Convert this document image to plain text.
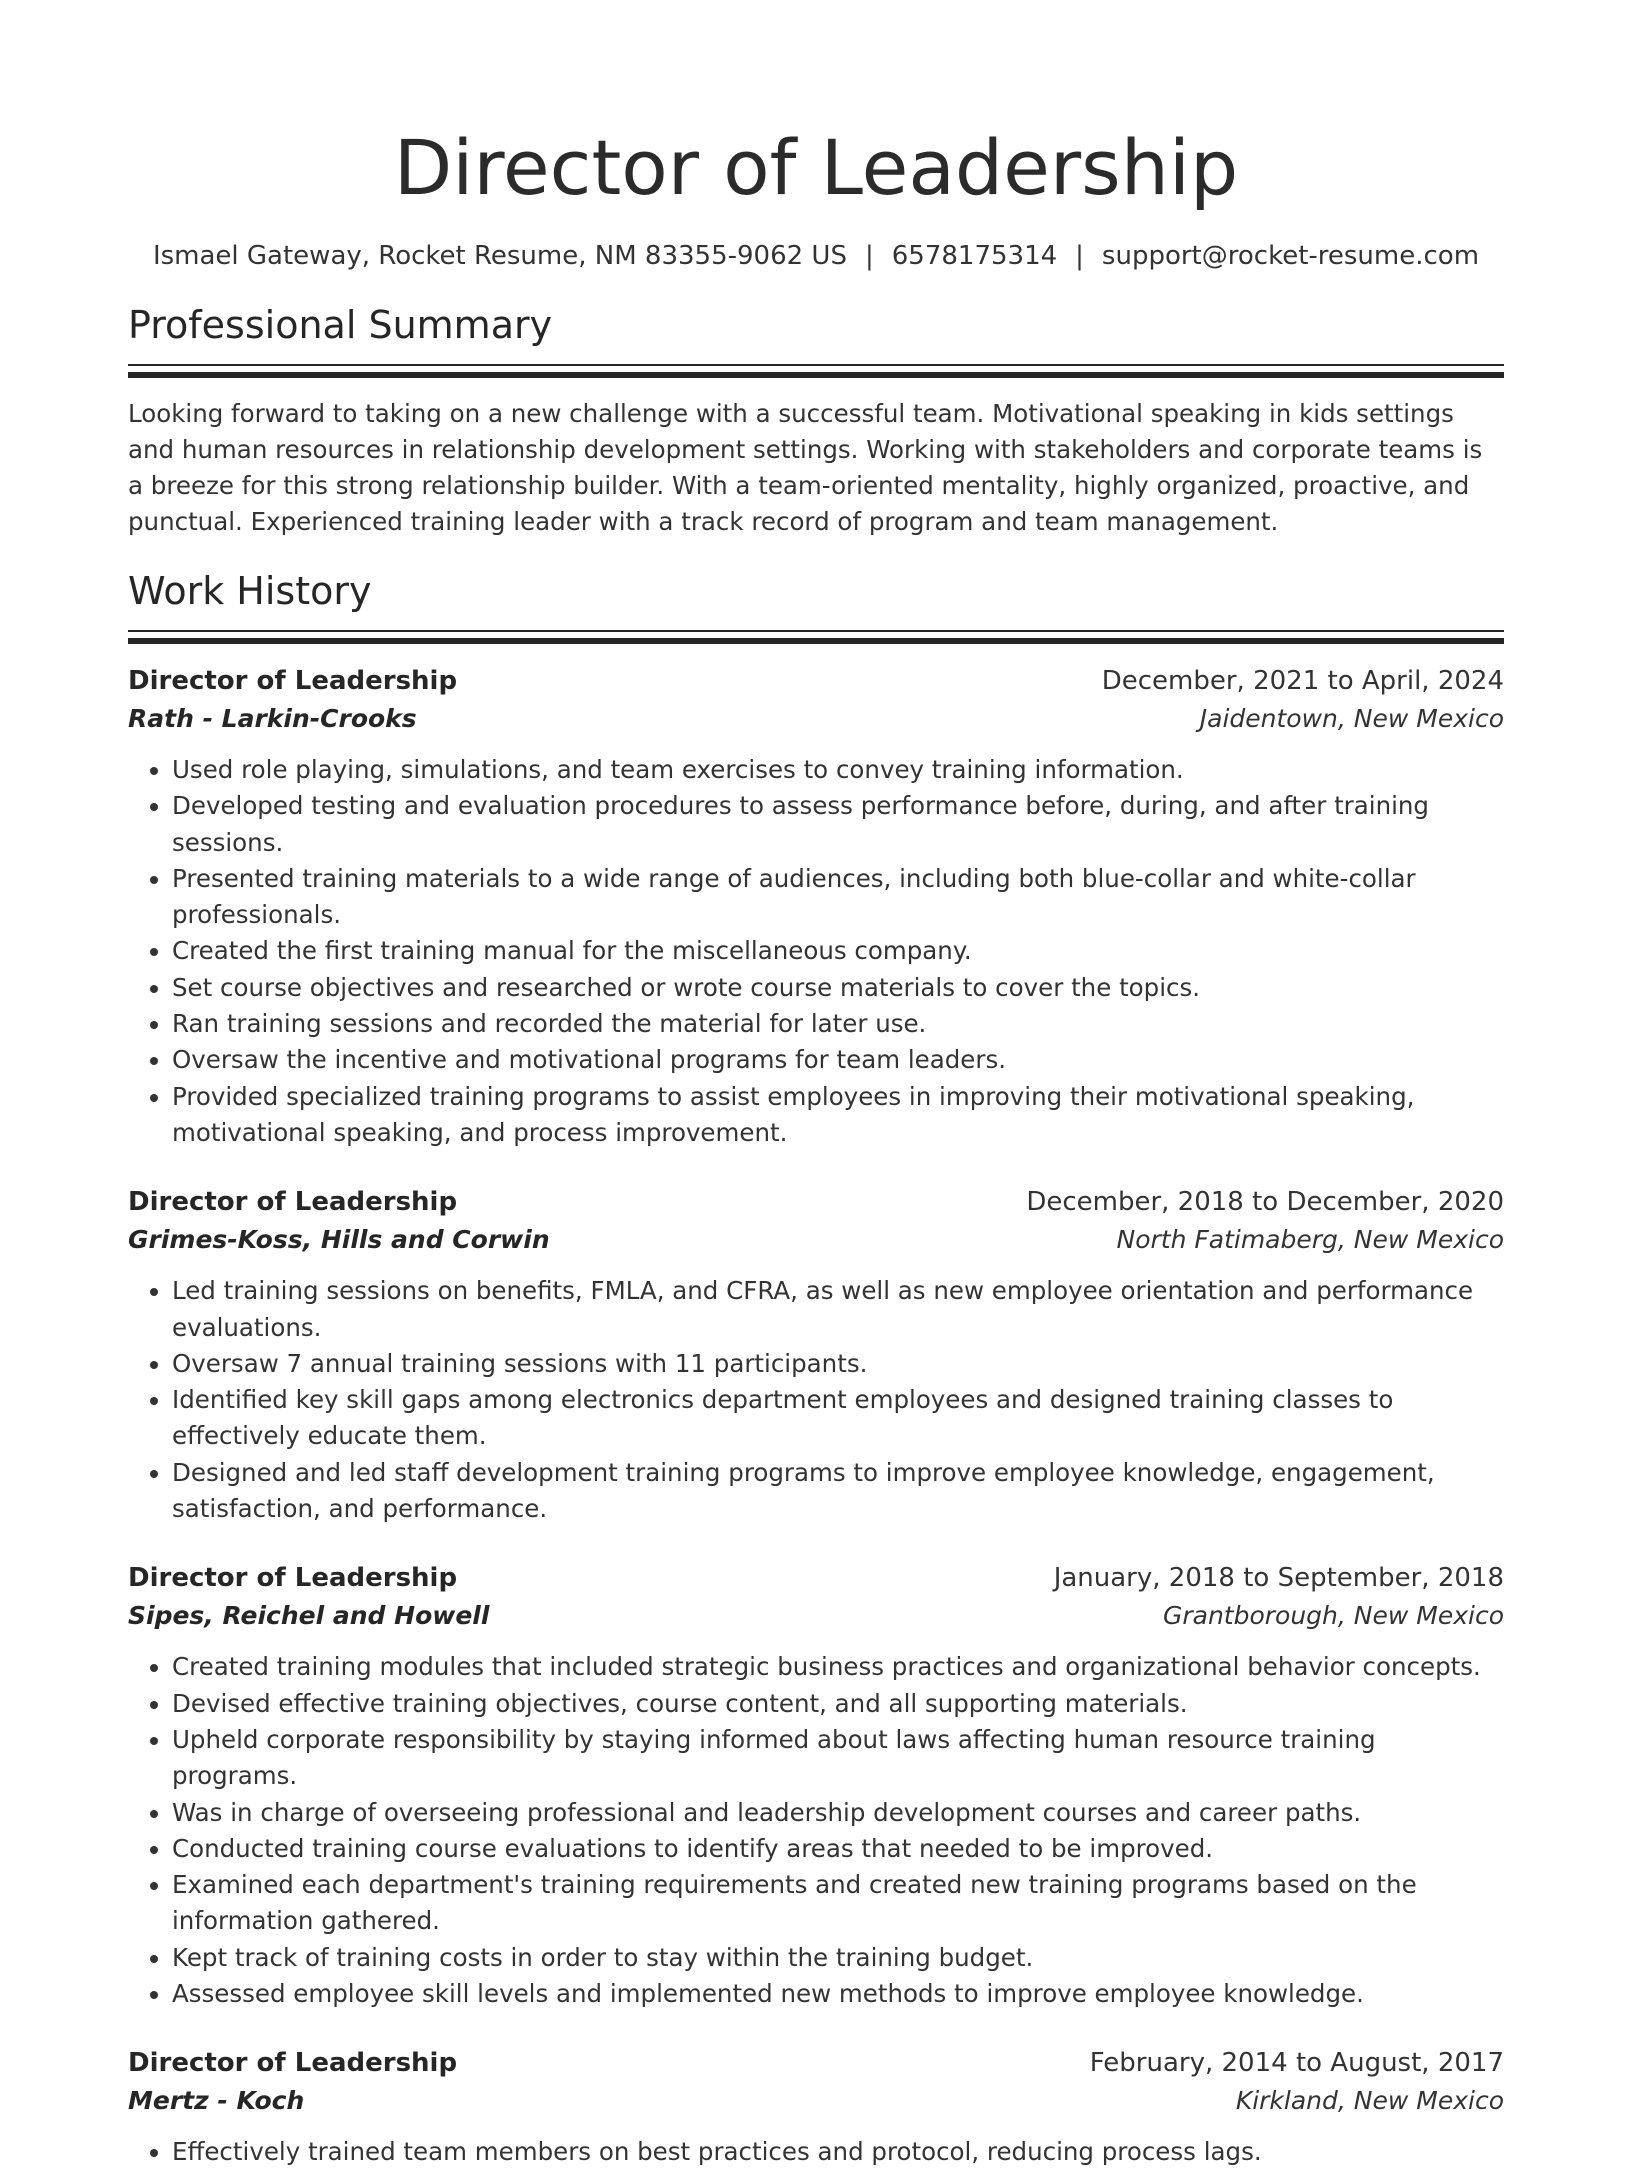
Director of Leadership
Ismael Gateway, Rocket Resume, NM 83355-9062 US | 6578175314 | support@rocket-resume.com
Professional Summary

Looking forward to taking on a new challenge with a successful team. Motivational speaking in kids settings and human resources in relationship development settings. Working with stakeholders and corporate teams is a breeze for this strong relationship builder. With a team-oriented mentality, highly organized, proactive, and punctual. Experienced training leader with a track record of program and team management.

Work History
Director of Leadership	December, 2021 to April, 2024
Rath - Larkin-Crooks	Jaidentown, New Mexico
• Used role playing, simulations, and team exercises to convey training information.
• Developed testing and evaluation procedures to assess performance before, during, and after training sessions.
• Presented training materials to a wide range of audiences, including both blue-collar and white-collar professionals.
• Created the first training manual for the miscellaneous company.
• Set course objectives and researched or wrote course materials to cover the topics.
• Ran training sessions and recorded the material for later use.
• Oversaw the incentive and motivational programs for team leaders.
• Provided specialized training programs to assist employees in improving their motivational speaking, motivational speaking, and process improvement.
Director of Leadership	December, 2018 to December, 2020
Grimes-Koss, Hills and Corwin	North Fatimaberg, New Mexico
• Led training sessions on benefits, FMLA, and CFRA, as well as new employee orientation and performance evaluations.
• Oversaw 7 annual training sessions with 11 participants.
• Identified key skill gaps among electronics department employees and designed training classes to effectively educate them.
• Designed and led staff development training programs to improve employee knowledge, engagement, satisfaction, and performance.
Director of Leadership	January, 2018 to September, 2018
Sipes, Reichel and Howell	Grantborough, New Mexico
• Created training modules that included strategic business practices and organizational behavior concepts.
• Devised effective training objectives, course content, and all supporting materials.
• Upheld corporate responsibility by staying informed about laws affecting human resource training programs.
• Was in charge of overseeing professional and leadership development courses and career paths.
• Conducted training course evaluations to identify areas that needed to be improved.
• Examined each department's training requirements and created new training programs based on the information gathered.
• Kept track of training costs in order to stay within the training budget.
• Assessed employee skill levels and implemented new methods to improve employee knowledge.
Director of Leadership	February, 2014 to August, 2017
Mertz - Koch	Kirkland, New Mexico
• Effectively trained team members on best practices and protocol, reducing process lags.
